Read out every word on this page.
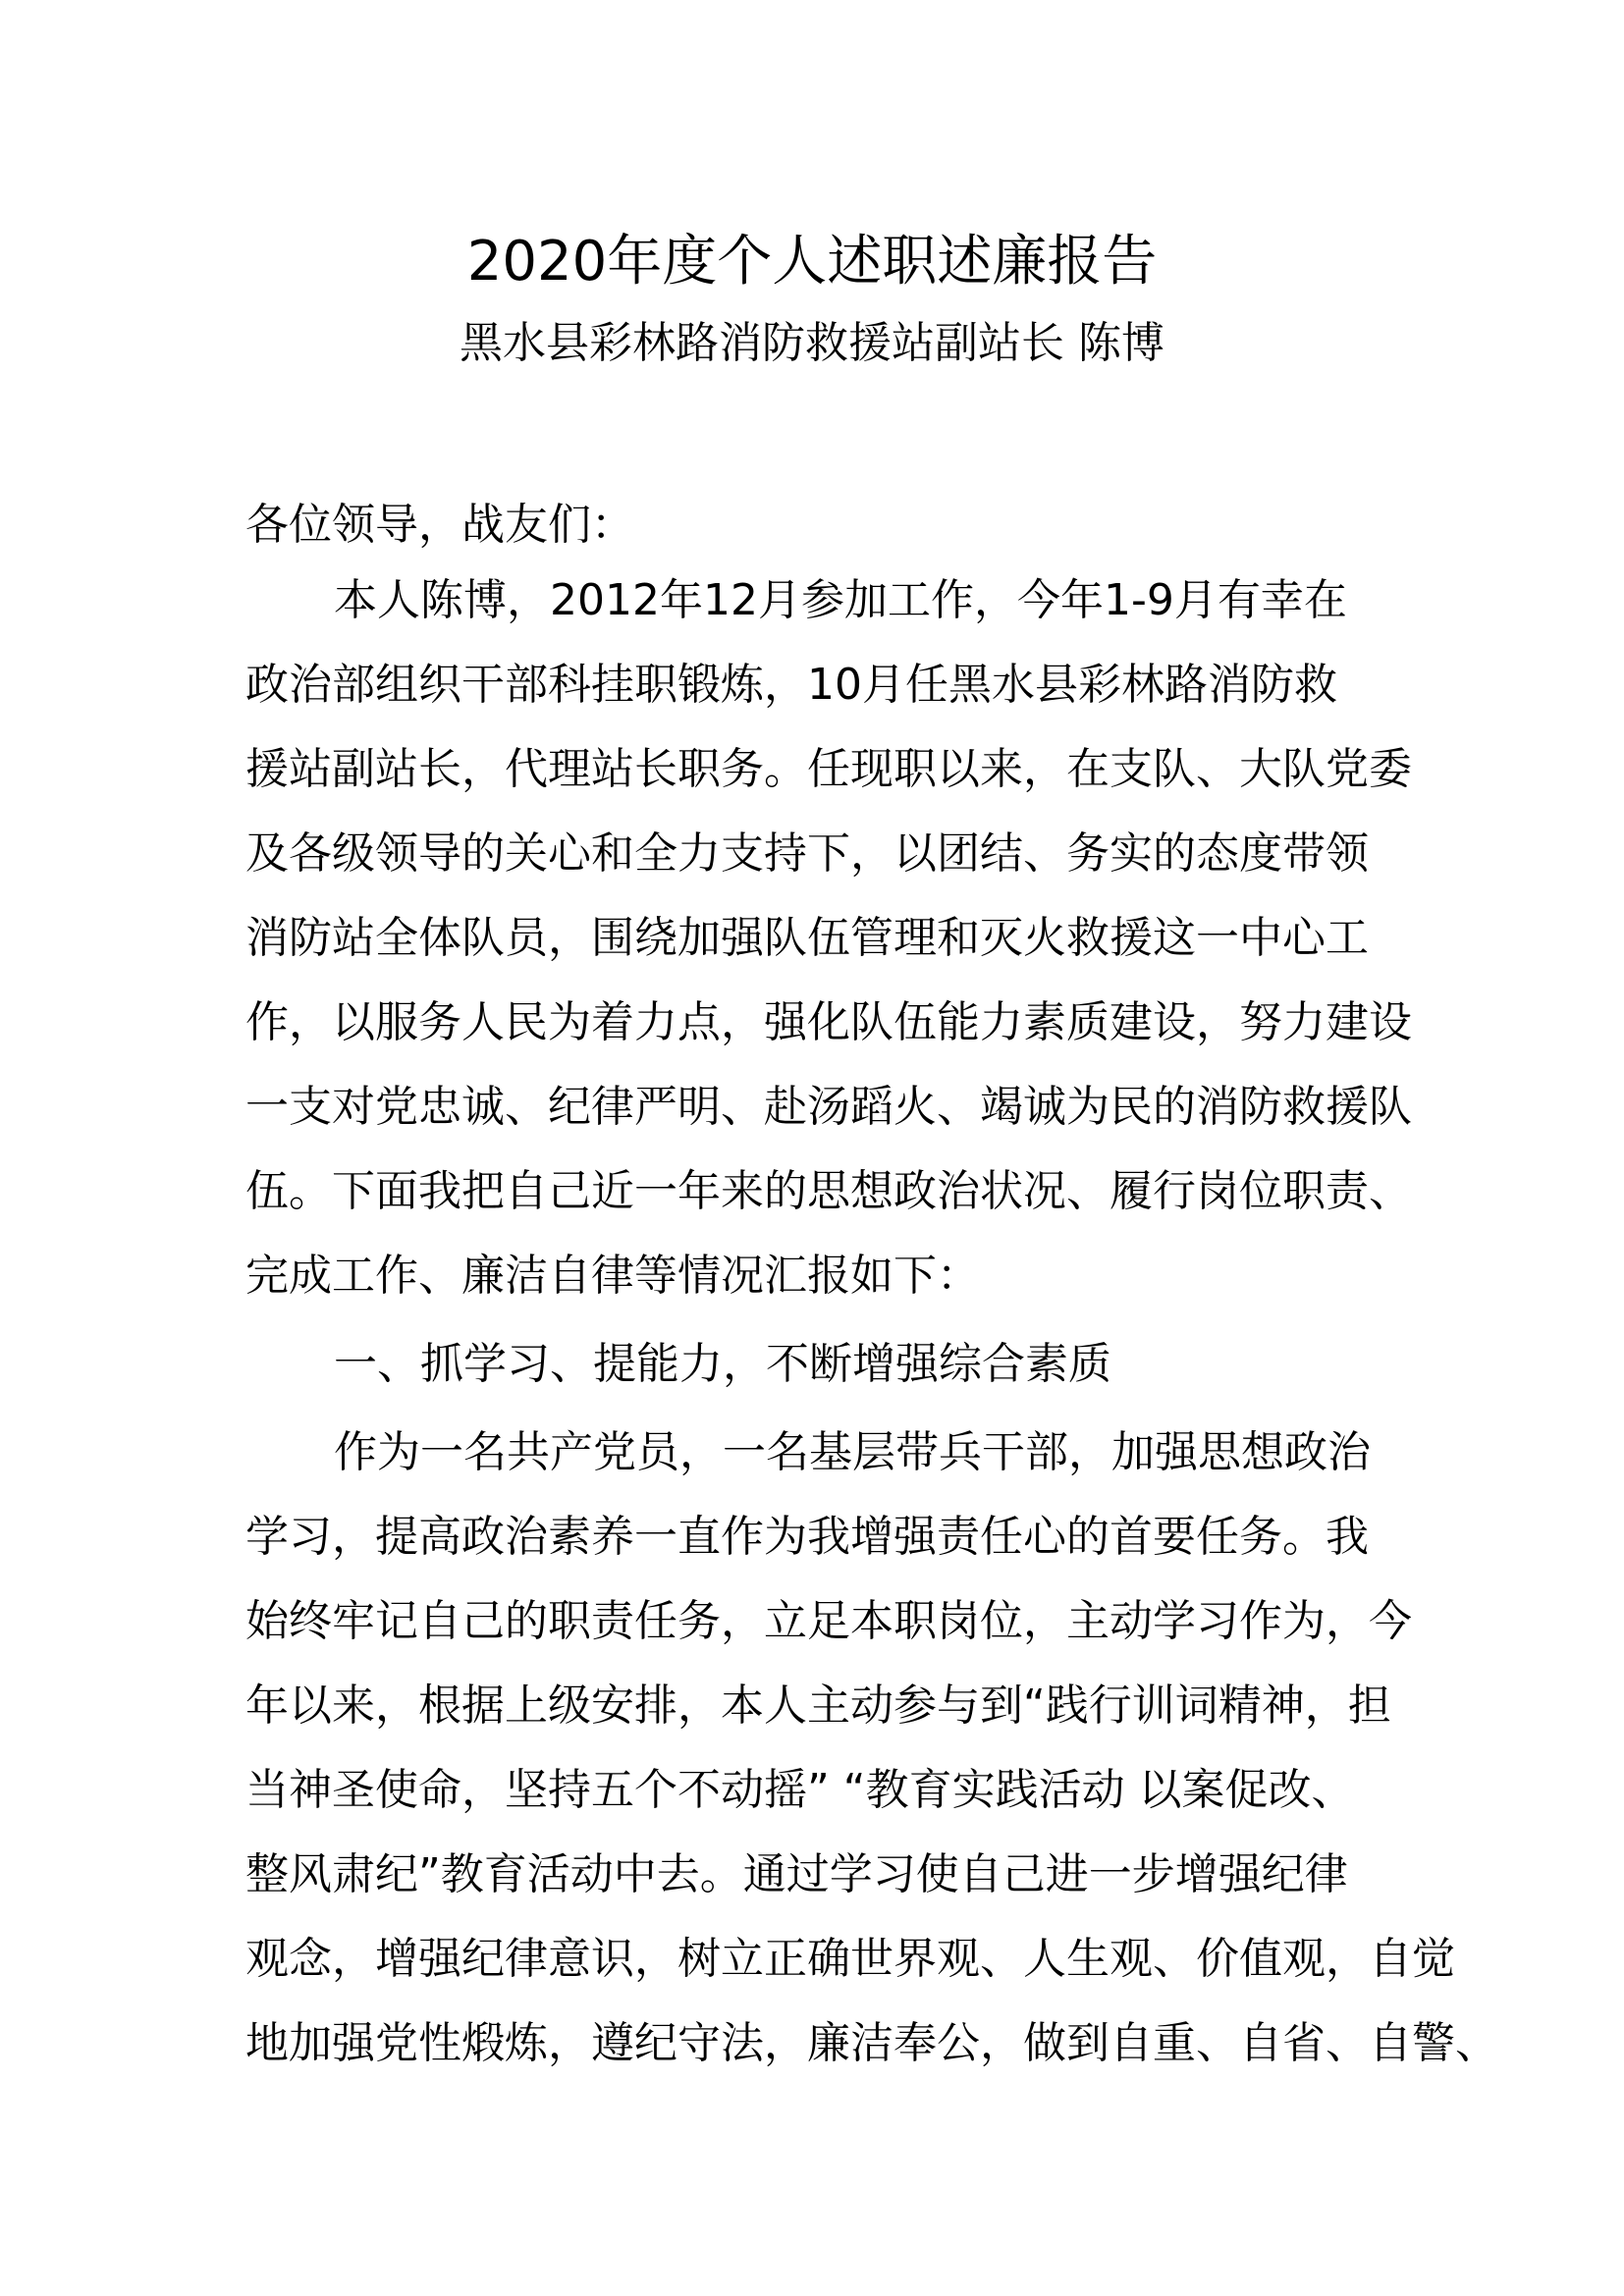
2020年度个人述职述廉报告
黑水县彩林路消防救援站副站长 陈博
各位领导，战友们：
本人陈博，2012年12月参加工作，今年1-9月有幸在
政治部组织干部科挂职锻炼，10月任黑水县彩林路消防救
援站副站长，代理站长职务。任现职以来，在支队、大队党委
及各级领导的关心和全力支持下，以团结、务实的态度带领
消防站全体队员，围绕加强队伍管理和灭火救援这一中心工
作，以服务人民为着力点，强化队伍能力素质建设，努力建设
一支对党忠诚、纪律严明、赴汤蹈火、竭诚为民的消防救援队
伍。下面我把自己近一年来的思想政治状况、履行岗位职责、
完成工作、廉洁自律等情况汇报如下：
一、抓学习、提能力，不断增强综合素质
作为一名共产党员，一名基层带兵干部，加强思想政治
学习，提高政治素养一直作为我增强责任心的首要任务。我
始终牢记自己的职责任务，立足本职岗位，主动学习作为，今
年以来，根据上级安排，本人主动参与到“践行训词精神，担
当神圣使命，坚持五个不动摇” “教育实践活动 以案促改、
整风肃纪”教育活动中去。通过学习使自己进一步增强纪律
观念，增强纪律意识，树立正确世界观、人生观、价值观，自觉
地加强党性煅炼，遵纪守法，廉洁奉公，做到自重、自省、自警、
